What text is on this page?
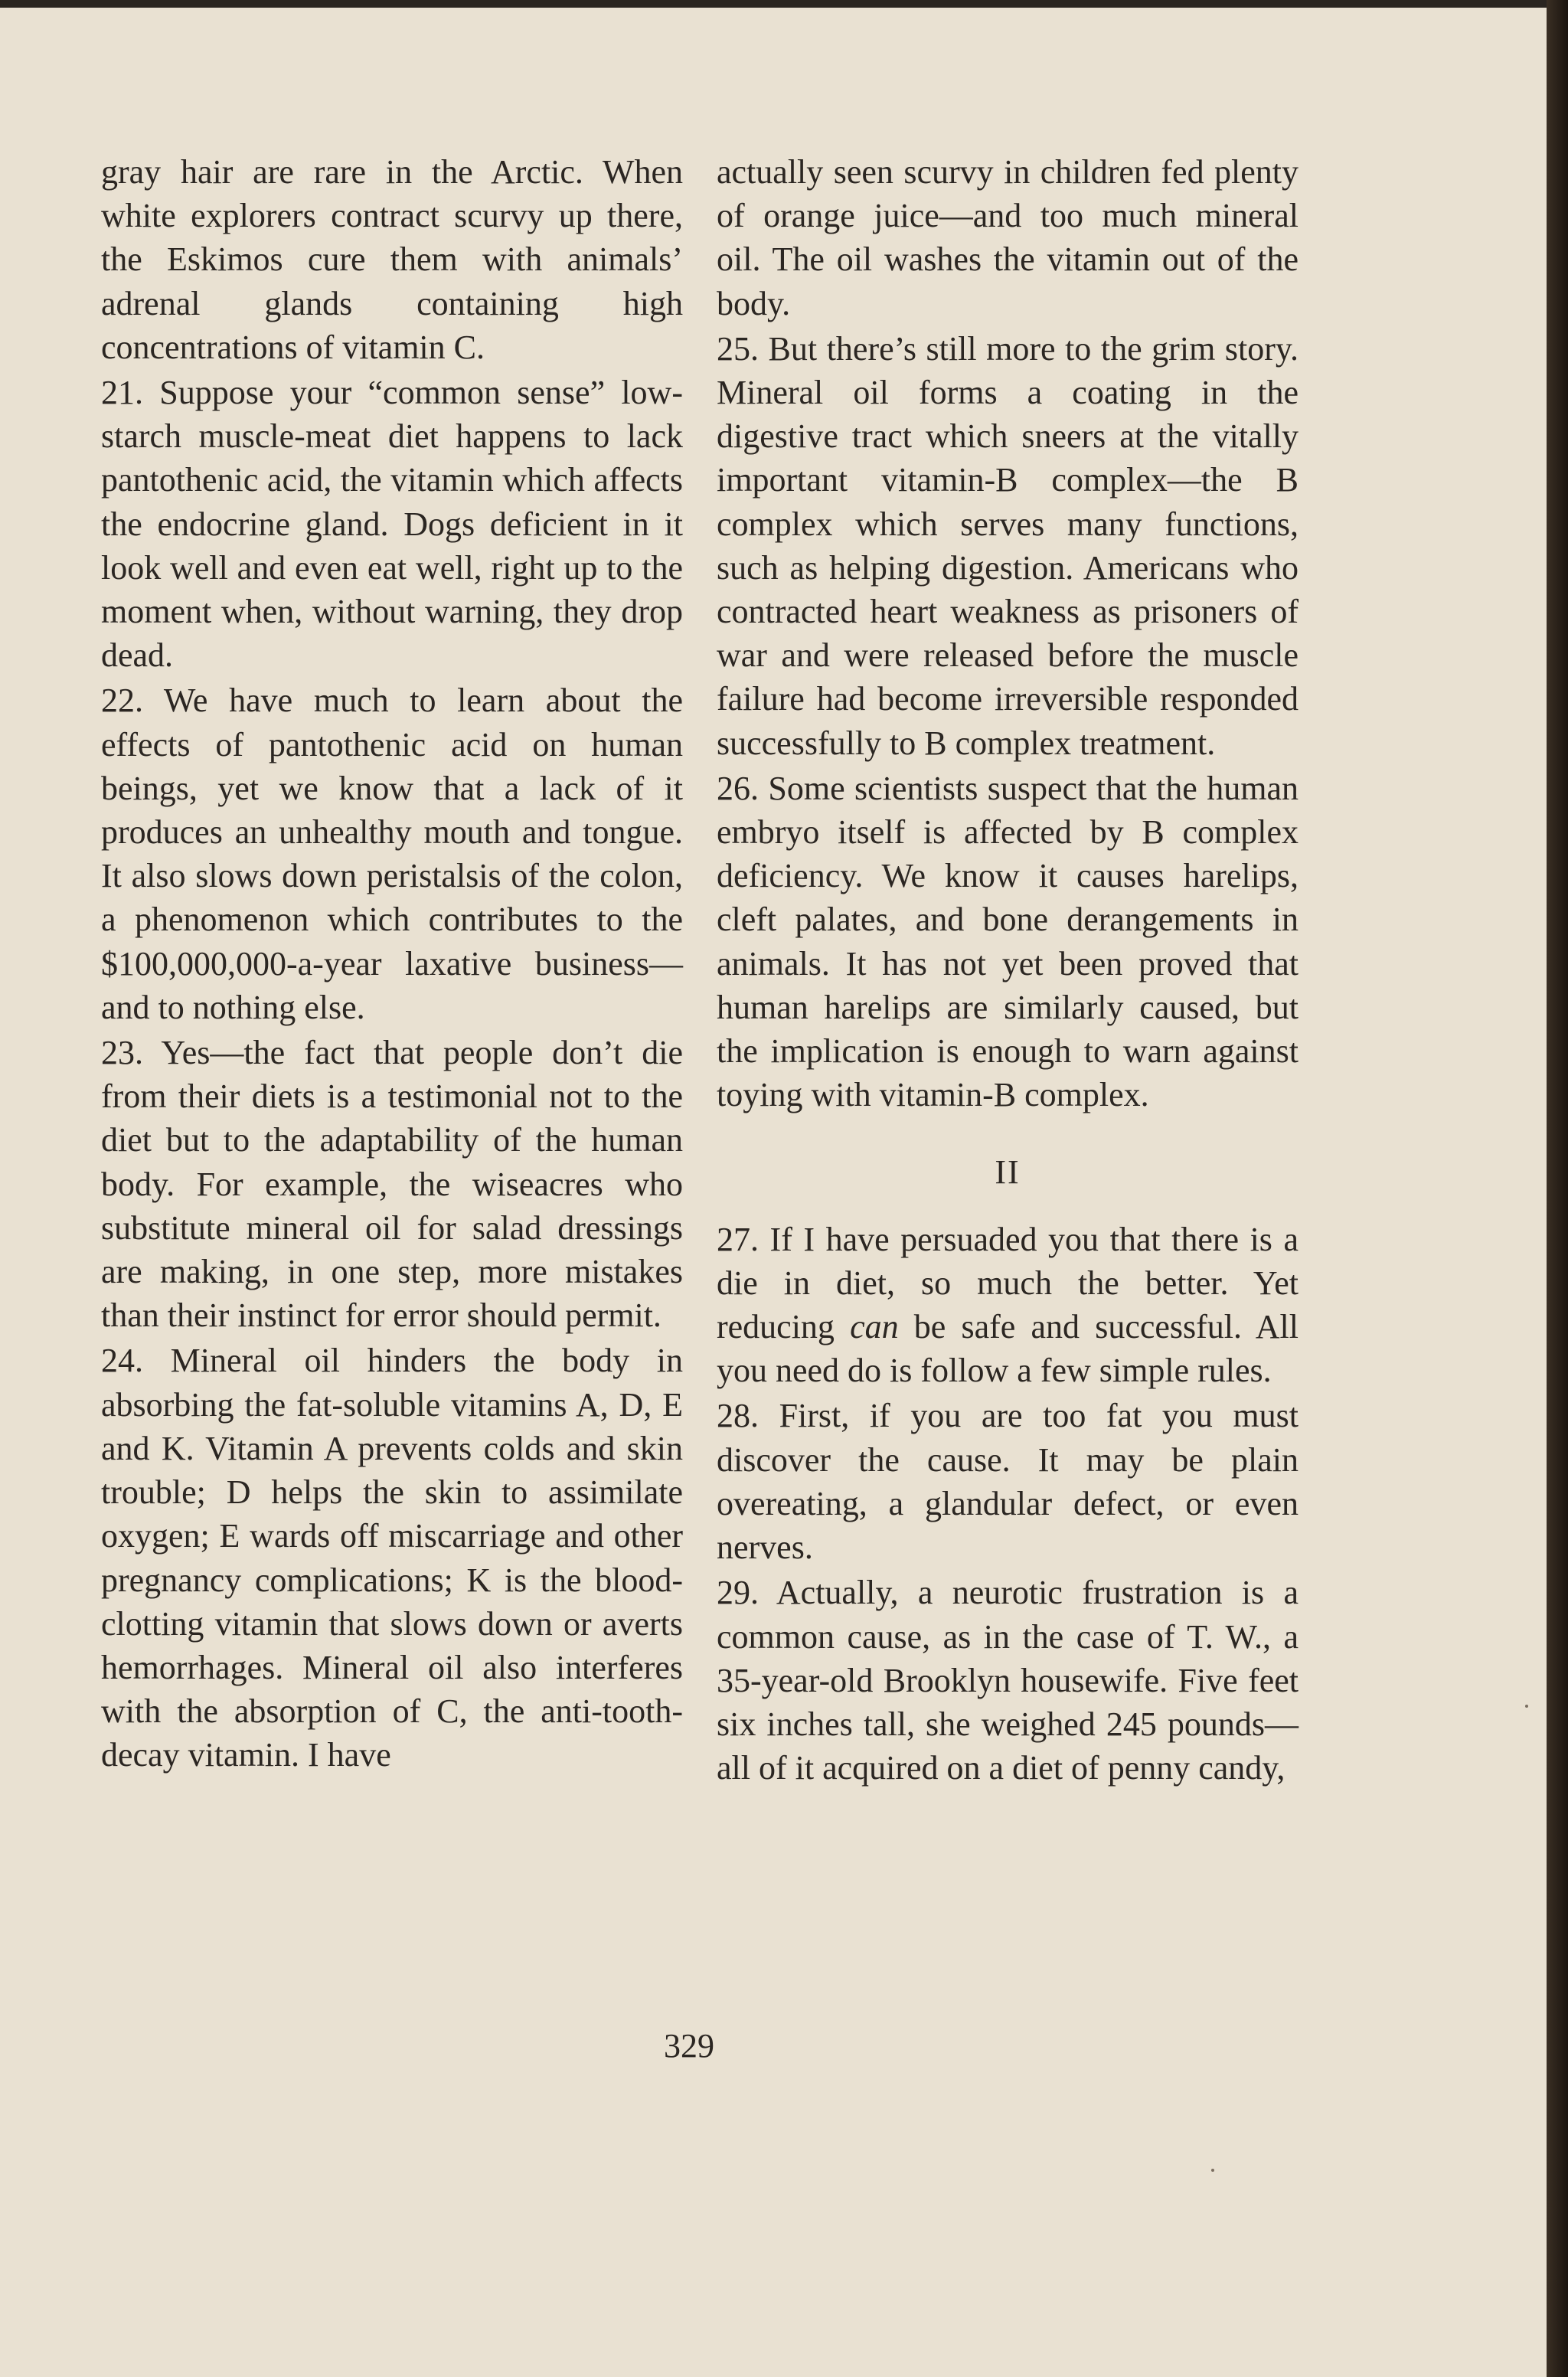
gray hair are rare in the Arctic. When white explorers contract scurvy up there, the Eskimos cure them with animals’ adrenal glands containing high concentrations of vitamin C.

21. Suppose your “common sense” low-starch muscle-meat diet happens to lack pantothenic acid, the vitamin which affects the endocrine gland. Dogs deficient in it look well and even eat well, right up to the moment when, without warning, they drop dead.

22. We have much to learn about the effects of pantothenic acid on human beings, yet we know that a lack of it produces an unhealthy mouth and tongue. It also slows down peristalsis of the colon, a phenomenon which contributes to the $100,000,000-a-year laxative business—and to nothing else.

23. Yes—the fact that people don’t die from their diets is a testimonial not to the diet but to the adaptability of the human body. For example, the wiseacres who substitute mineral oil for salad dressings are making, in one step, more mistakes than their instinct for error should permit.

24. Mineral oil hinders the body in absorbing the fat-soluble vitamins A, D, E and K. Vitamin A prevents colds and skin trouble; D helps the skin to assimilate oxygen; E wards off miscarriage and other pregnancy complications; K is the blood-clotting vitamin that slows down or averts hemorrhages. Mineral oil also interferes with the absorption of C, the anti-tooth-decay vitamin. I have

actually seen scurvy in children fed plenty of orange juice—and too much mineral oil. The oil washes the vitamin out of the body.

25. But there’s still more to the grim story. Mineral oil forms a coating in the digestive tract which sneers at the vitally important vitamin-B complex—the B complex which serves many functions, such as helping digestion. Americans who contracted heart weakness as prisoners of war and were released before the muscle failure had become irreversible responded successfully to B complex treatment.

26. Some scientists suspect that the human embryo itself is affected by B complex deficiency. We know it causes harelips, cleft palates, and bone derangements in animals. It has not yet been proved that human harelips are similarly caused, but the implication is enough to warn against toying with vitamin-B complex.

II

27. If I have persuaded you that there is a die in diet, so much the better. Yet reducing can be safe and successful. All you need do is follow a few simple rules.

28. First, if you are too fat you must discover the cause. It may be plain overeating, a glandular defect, or even nerves.

29. Actually, a neurotic frustration is a common cause, as in the case of T. W., a 35-year-old Brooklyn housewife. Five feet six inches tall, she weighed 245 pounds—all of it acquired on a diet of penny candy,

329
